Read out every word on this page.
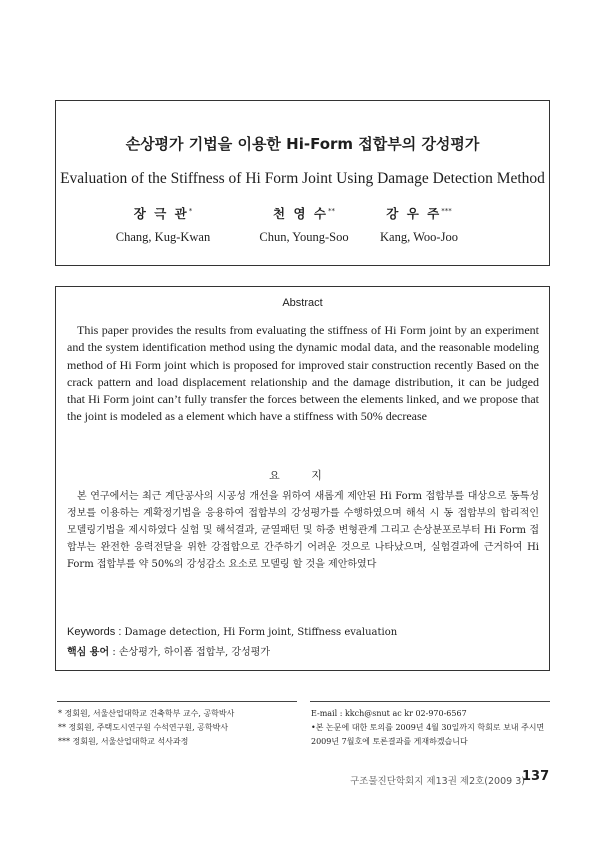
손상평가 기법을 이용한 Hi-Form 접합부의 강성평가
Evaluation of the Stiffness of Hi Form Joint Using Damage Detection Method
장 극 관*
Chang, Kug-Kwan
천 영 수**
Chun, Young-Soo
강 우 주***
Kang, Woo-Joo
Abstract

This paper provides the results from evaluating the stiffness of Hi Form joint by an experiment and the system identification method using the dynamic modal data, and the reasonable modeling method of Hi Form joint which is proposed for improved stair construction recently Based on the crack pattern and load displacement relationship and the damage distribution, it can be judged that Hi Form joint can’t fully transfer the forces between the elements linked, and we propose that the joint is modeled as a element which have a stiffness with 50% decrease

요 지

본 연구에서는 최근 계단공사의 시공성 개선을 위하여 새롭게 제안된 Hi Form 접합부를 대상으로 동특성 정보를 이용하는 계확정기법을 응용하여 접합부의 강성평가를 수행하였으며 해석 시 동 접합부의 합리적인 모델링기법을 제시하였다 실험 및 해석결과, 균열패턴 및 하중 변형관계 그리고 손상분포로부터 Hi Form 접합부는 완전한 응력전달을 위한 강접합으로 간주하기 어려운 것으로 나타났으며, 실험결과에 근거하여 Hi Form 접합부를 약 50%의 강성감소 요소로 모델링 할 것을 제안하였다

Keywords : Damage detection, Hi Form joint, Stiffness evaluation
핵심 용어 : 손상평가, 하이폼 접합부, 강성평가
* 정회원, 서울산업대학교 건축학부 교수, 공학박사
** 정회원, 주택도시연구원 수석연구원, 공학박사
*** 정회원, 서울산업대학교 석사과정
E-mail : kkch@snut ac kr 02-970-6567
•본 논문에 대한 토의를 2009년 4월 30일까지 학회로 보내 주시면 2009년 7월호에 토론결과를 게재하겠습니다
구조물진단학회지 제13권 제2호(2009 3)
137
